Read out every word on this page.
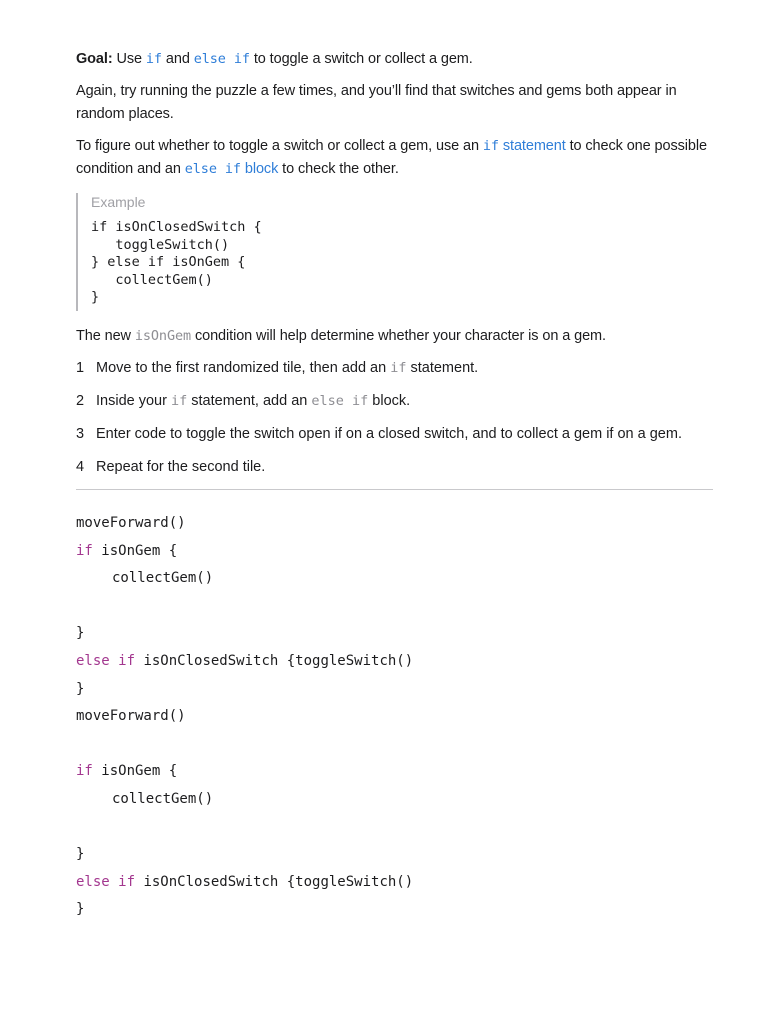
Goal: Use if and else if to toggle a switch or collect a gem.

Again, try running the puzzle a few times, and you’ll find that switches and gems both appear in random places.

To figure out whether to toggle a switch or collect a gem, use an if statement to check one possible condition and an else if block to check the other.

Example
if isOnClosedSwitch {
toggleSwitch()
} else if isOnGem {
collectGem()
}

The new isOnGem condition will help determine whether your character is on a gem.

1 Move to the first randomized tile, then add an if statement.
2 Inside your if statement, add an else if block.
3 Enter code to toggle the switch open if on a closed switch, and to collect a gem if on a gem.
4 Repeat for the second tile.
moveForward()
if isOnGem {
collectGem()
}
else if isOnClosedSwitch {toggleSwitch()
}
moveForward()
if isOnGem {
collectGem()
}
else if isOnClosedSwitch {toggleSwitch()
}
